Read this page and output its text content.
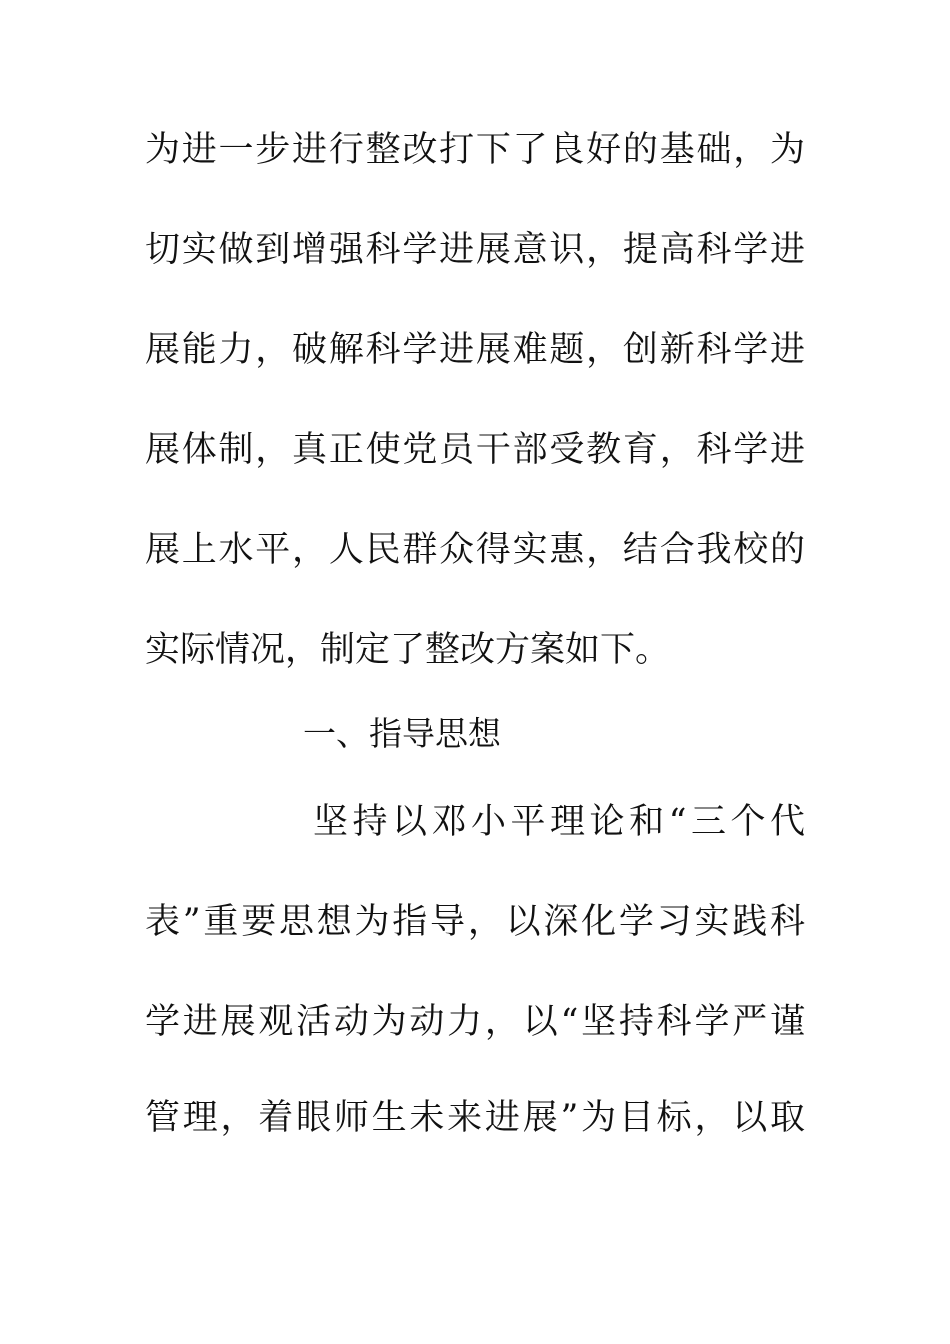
为进一步进行整改打下了良好的基础，为
切实做到增强科学进展意识，提高科学进
展能力，破解科学进展难题，创新科学进
展体制，真正使党员干部受教育，科学进
展上水平，人民群众得实惠，结合我校的
实际情况，制定了整改方案如下。
一、指导思想
坚持以邓小平理论和“三个代
表”重要思想为指导，以深化学习实践科
学进展观活动为动力，以“坚持科学严谨
管理，着眼师生未来进展”为目标，以取
